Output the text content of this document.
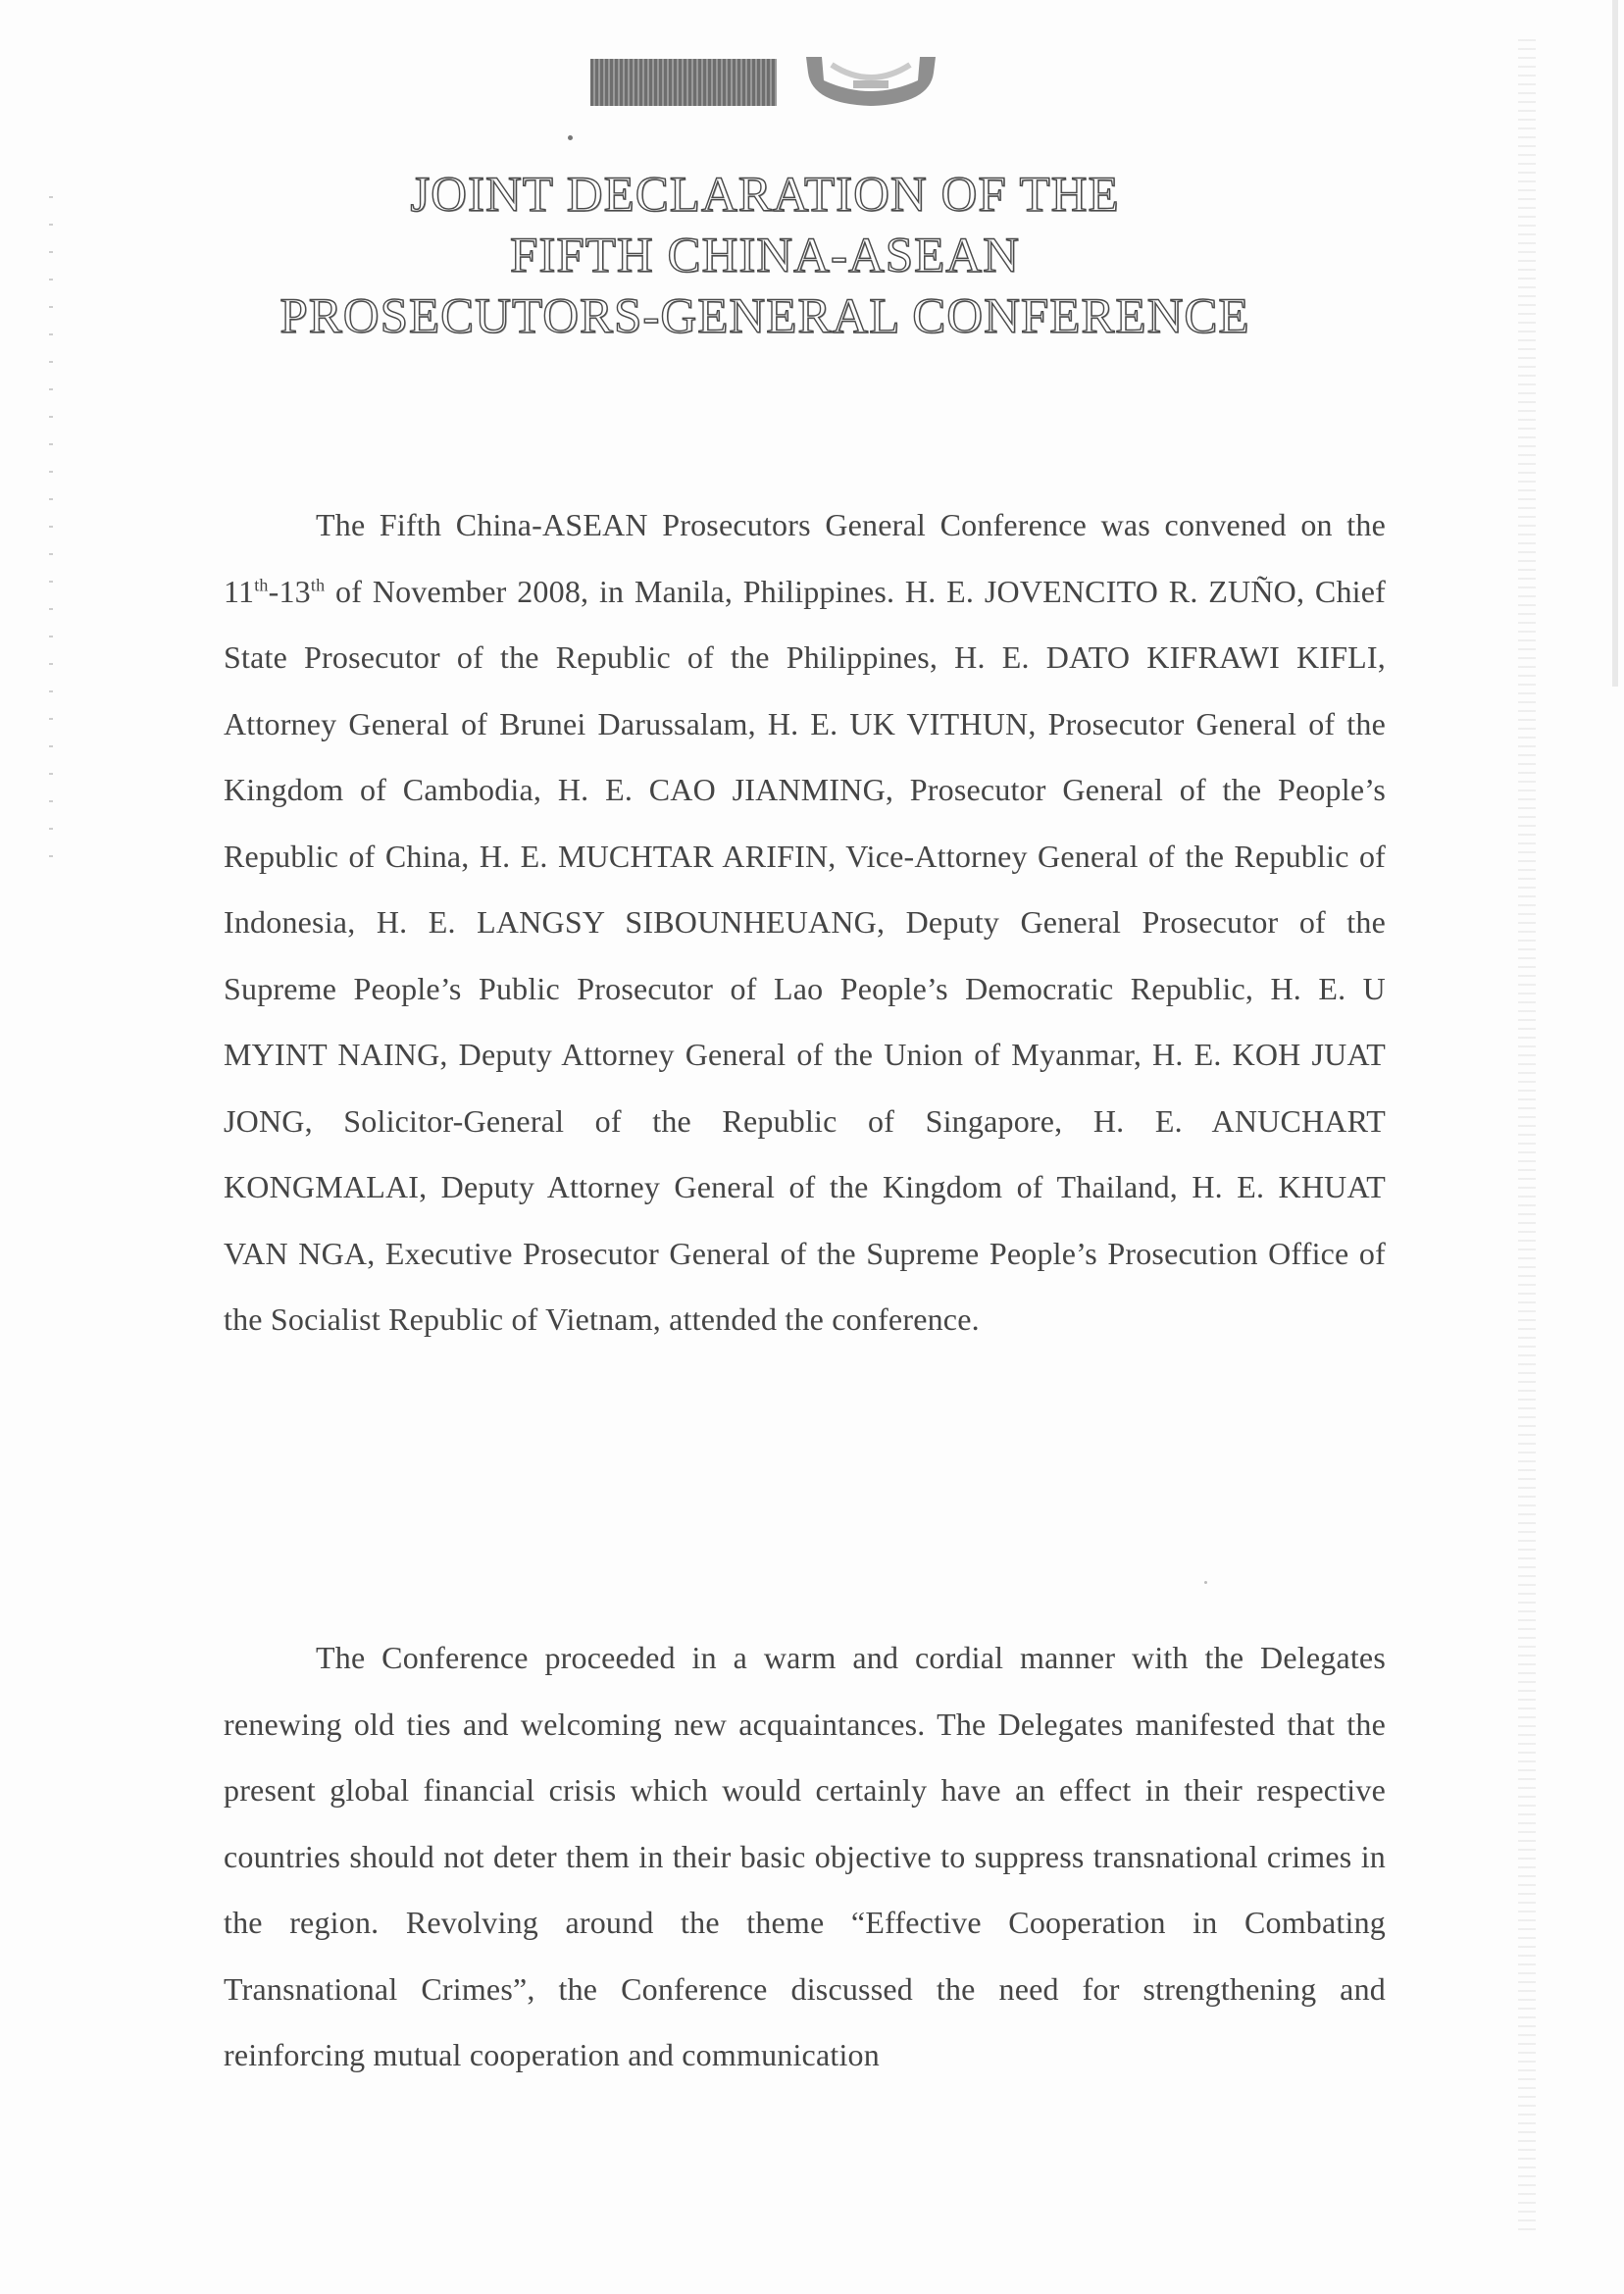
JOINT DECLARATION OF THE
FIFTH CHINA-ASEAN
PROSECUTORS-GENERAL CONFERENCE
The Fifth China-ASEAN Prosecutors General Conference was convened on the 11th-13th of November 2008, in Manila, Philippines. H. E. JOVENCITO R. ZUÑO, Chief State Prosecutor of the Republic of the Philippines, H. E. DATO KIFRAWI KIFLI, Attorney General of Brunei Darussalam, H. E. UK VITHUN, Prosecutor General of the Kingdom of Cambodia, H. E. CAO JIANMING, Prosecutor General of the People’s Republic of China, H. E. MUCHTAR ARIFIN, Vice-Attorney General of the Republic of Indonesia, H. E. LANGSY SIBOUNHEUANG, Deputy General Prosecutor of the Supreme People’s Public Prosecutor of Lao People’s Democratic Republic, H. E. U MYINT NAING, Deputy Attorney General of the Union of Myanmar, H. E. KOH JUAT JONG, Solicitor-General of the Republic of Singapore, H. E. ANUCHART KONGMALAI, Deputy Attorney General of the Kingdom of Thailand, H. E. KHUAT VAN NGA, Executive Prosecutor General of the Supreme People’s Prosecution Office of the Socialist Republic of Vietnam, attended the conference.
The Conference proceeded in a warm and cordial manner with the Delegates renewing old ties and welcoming new acquaintances. The Delegates manifested that the present global financial crisis which would certainly have an effect in their respective countries should not deter them in their basic objective to suppress transnational crimes in the region. Revolving around the theme “Effective Cooperation in Combating Transnational Crimes”, the Conference discussed the need for strengthening and reinforcing mutual cooperation and communication
